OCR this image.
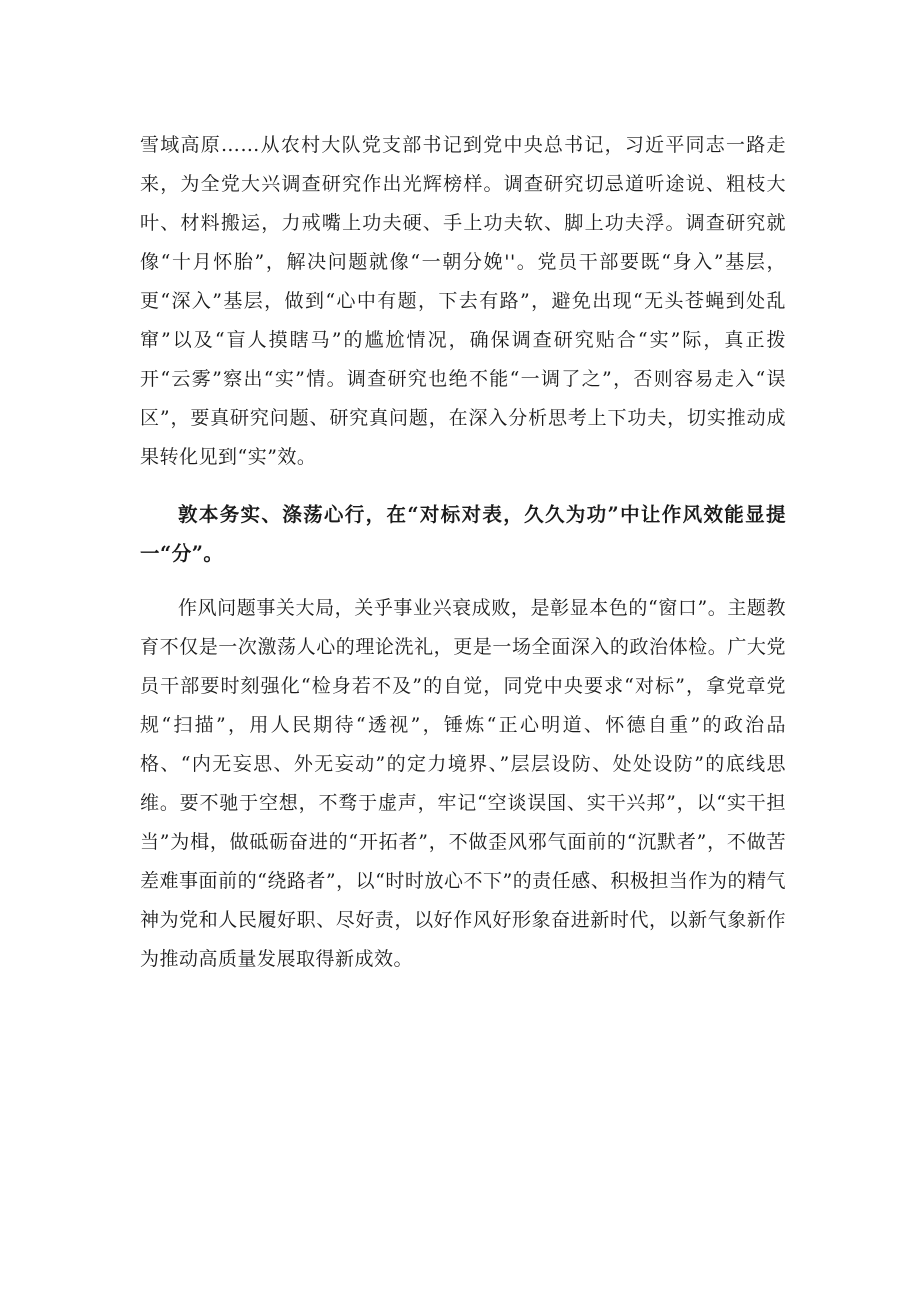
雪域高原……从农村大队党支部书记到党中央总书记，习近平同志一路走来，为全党大兴调查研究作出光辉榜样。调查研究切忌道听途说、粗枝大叶、材料搬运，力戒嘴上功夫硬、手上功夫软、脚上功夫浮。调查研究就像“十月怀胎”，解决问题就像“一朝分娩''。党员干部要既“身入”基层，更“深入”基层，做到“心中有题，下去有路”，避免出现“无头苍蝇到处乱窜”以及“盲人摸瞎马”的尴尬情况，确保调查研究贴合“实”际，真正拨开“云雾”察出“实”情。调查研究也绝不能“一调了之”，否则容易走入“误区”，要真研究问题、研究真问题，在深入分析思考上下功夫，切实推动成果转化见到“实”效。

敦本务实、涤荡心行，在“对标对表，久久为功”中让作风效能显提一“分”。

作风问题事关大局，关乎事业兴衰成败，是彰显本色的“窗口”。主题教育不仅是一次激荡人心的理论洗礼，更是一场全面深入的政治体检。广大党员干部要时刻强化“检身若不及”的自觉，同党中央要求“对标”，拿党章党规“扫描”，用人民期待“透视”，锤炼“正心明道、怀德自重”的政治品格、“内无妄思、外无妄动”的定力境界、”层层设防、处处设防”的底线思维。要不驰于空想，不骛于虚声，牢记“空谈误国、实干兴邦”，以“实干担当”为楫，做砥砺奋进的“开拓者”，不做歪风邪气面前的“沉默者”，不做苦差难事面前的“绕路者”，以“时时放心不下”的责任感、积极担当作为的精气神为党和人民履好职、尽好责，以好作风好形象奋进新时代，以新气象新作为推动高质量发展取得新成效。
